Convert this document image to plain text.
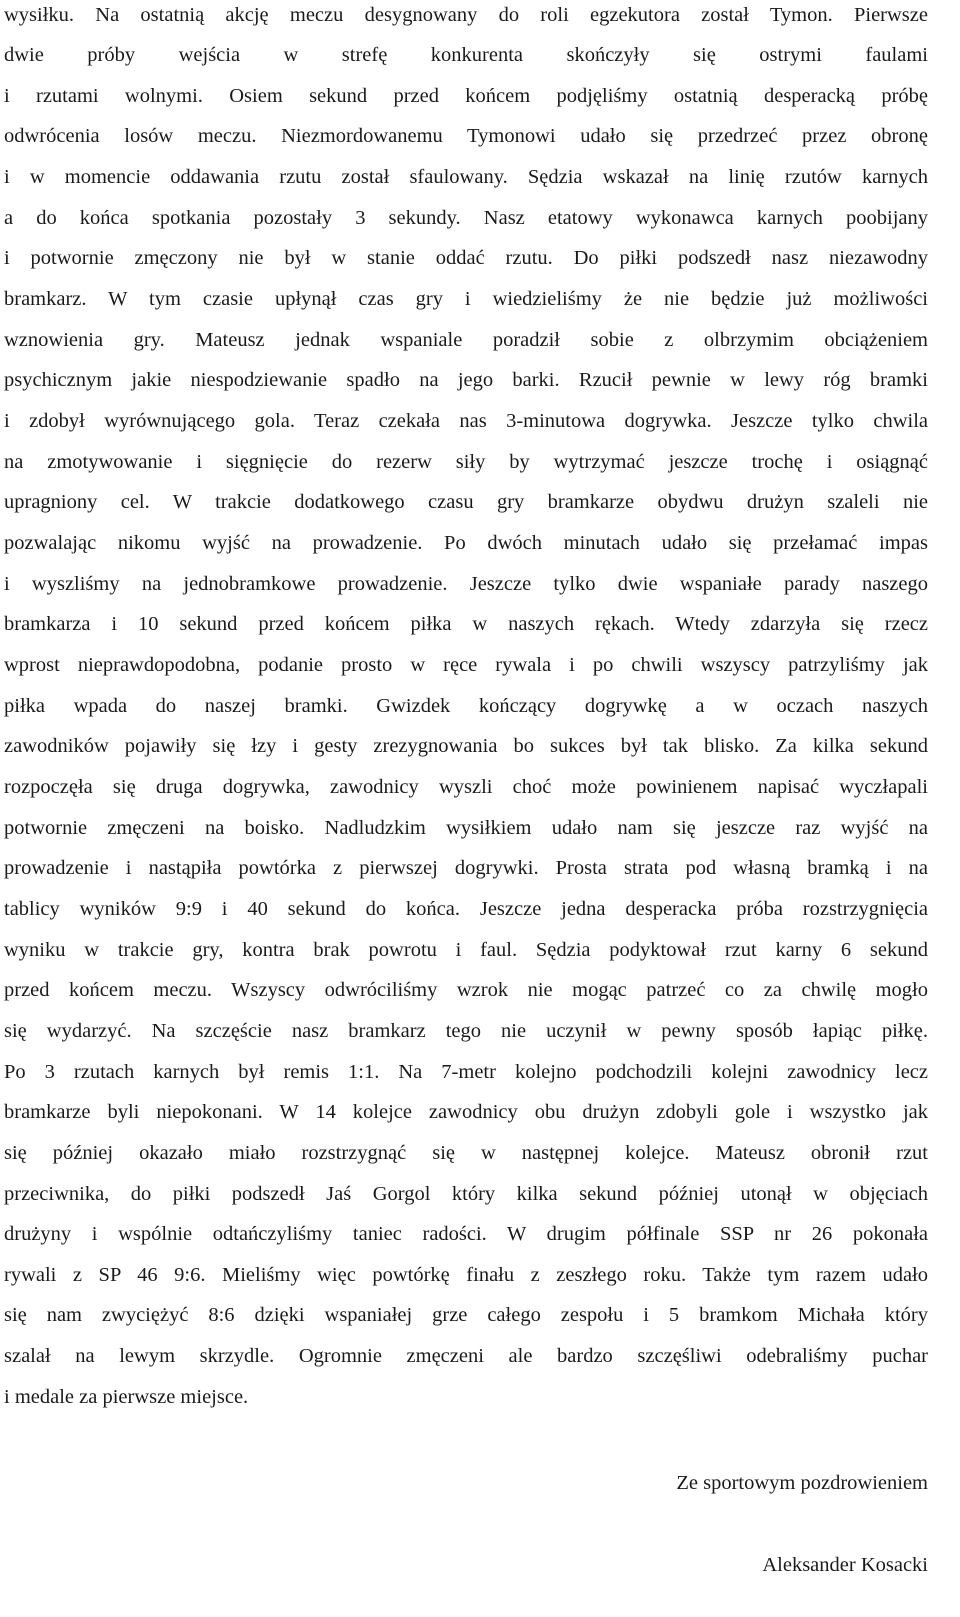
wysiłku. Na ostatnią akcję meczu desygnowany do roli egzekutora został Tymon. Pierwsze
dwie próby wejścia w strefę konkurenta skończyły się ostrymi faulami
i rzutami wolnymi. Osiem sekund przed końcem podjęliśmy ostatnią desperacką próbę
odwrócenia losów meczu. Niezmordowanemu Tymonowi udało się przedrzeć przez obronę
i w momencie oddawania rzutu został sfaulowany. Sędzia wskazał na linię rzutów karnych
a do końca spotkania pozostały 3 sekundy. Nasz etatowy wykonawca karnych poobijany
i potwornie zmęczony nie był w stanie oddać rzutu. Do piłki podszedł nasz niezawodny
bramkarz. W tym czasie upłynął czas gry i wiedzieliśmy że nie będzie już możliwości
wznowienia gry. Mateusz jednak wspaniale poradził sobie z olbrzymim obciążeniem
psychicznym jakie niespodziewanie spadło na jego barki. Rzucił pewnie w lewy róg bramki
i zdobył wyrównującego gola. Teraz czekała nas 3-minutowa dogrywka. Jeszcze tylko chwila
na zmotywowanie i sięgnięcie do rezerw siły by wytrzymać jeszcze trochę i osiągnąć
upragniony cel. W trakcie dodatkowego czasu gry bramkarze obydwu drużyn szaleli nie
pozwalając nikomu wyjść na prowadzenie. Po dwóch minutach udało się przełamać impas
i wyszliśmy na jednobramkowe prowadzenie. Jeszcze tylko dwie wspaniałe parady naszego
bramkarza i 10 sekund przed końcem piłka w naszych rękach. Wtedy zdarzyła się rzecz
wprost nieprawdopodobna, podanie prosto w ręce rywala i po chwili wszyscy patrzyliśmy jak
piłka wpada do naszej bramki. Gwizdek kończący dogrywkę a w oczach naszych
zawodników pojawiły się łzy i gesty zrezygnowania bo sukces był tak blisko. Za kilka sekund
rozpoczęła się druga dogrywka, zawodnicy wyszli choć może powinienem napisać wyczłapali
potwornie zmęczeni na boisko. Nadludzkim wysiłkiem udało nam się jeszcze raz wyjść na
prowadzenie i nastąpiła powtórka z pierwszej dogrywki. Prosta strata pod własną bramką i na
tablicy wyników 9:9 i 40 sekund do końca. Jeszcze jedna desperacka próba rozstrzygnięcia
wyniku w trakcie gry, kontra brak powrotu i faul. Sędzia podyktował rzut karny 6 sekund
przed końcem meczu. Wszyscy odwróciliśmy wzrok nie mogąc patrzeć co za chwilę mogło
się wydarzyć. Na szczęście nasz bramkarz tego nie uczynił w pewny sposób łapiąc piłkę.
Po 3 rzutach karnych był remis 1:1. Na 7-metr kolejno podchodzili kolejni zawodnicy lecz
bramkarze byli niepokonani. W 14 kolejce zawodnicy obu drużyn zdobyli gole i wszystko jak
się później okazało miało rozstrzygnąć się w następnej kolejce. Mateusz obronił rzut
przeciwnika, do piłki podszedł Jaś Gorgol który kilka sekund później utonął w objęciach
drużyny i wspólnie odtańczyliśmy taniec radości. W drugim półfinale SSP nr 26 pokonała
rywali z SP 46 9:6. Mieliśmy więc powtórkę finału z zeszłego roku. Także tym razem udało
się nam zwyciężyć 8:6 dzięki wspaniałej grze całego zespołu i 5 bramkom Michała który
szalał na lewym skrzydle. Ogromnie zmęczeni ale bardzo szczęśliwi odebraliśmy puchar
i medale za pierwsze miejsce.
Ze sportowym pozdrowieniem
Aleksander Kosacki
